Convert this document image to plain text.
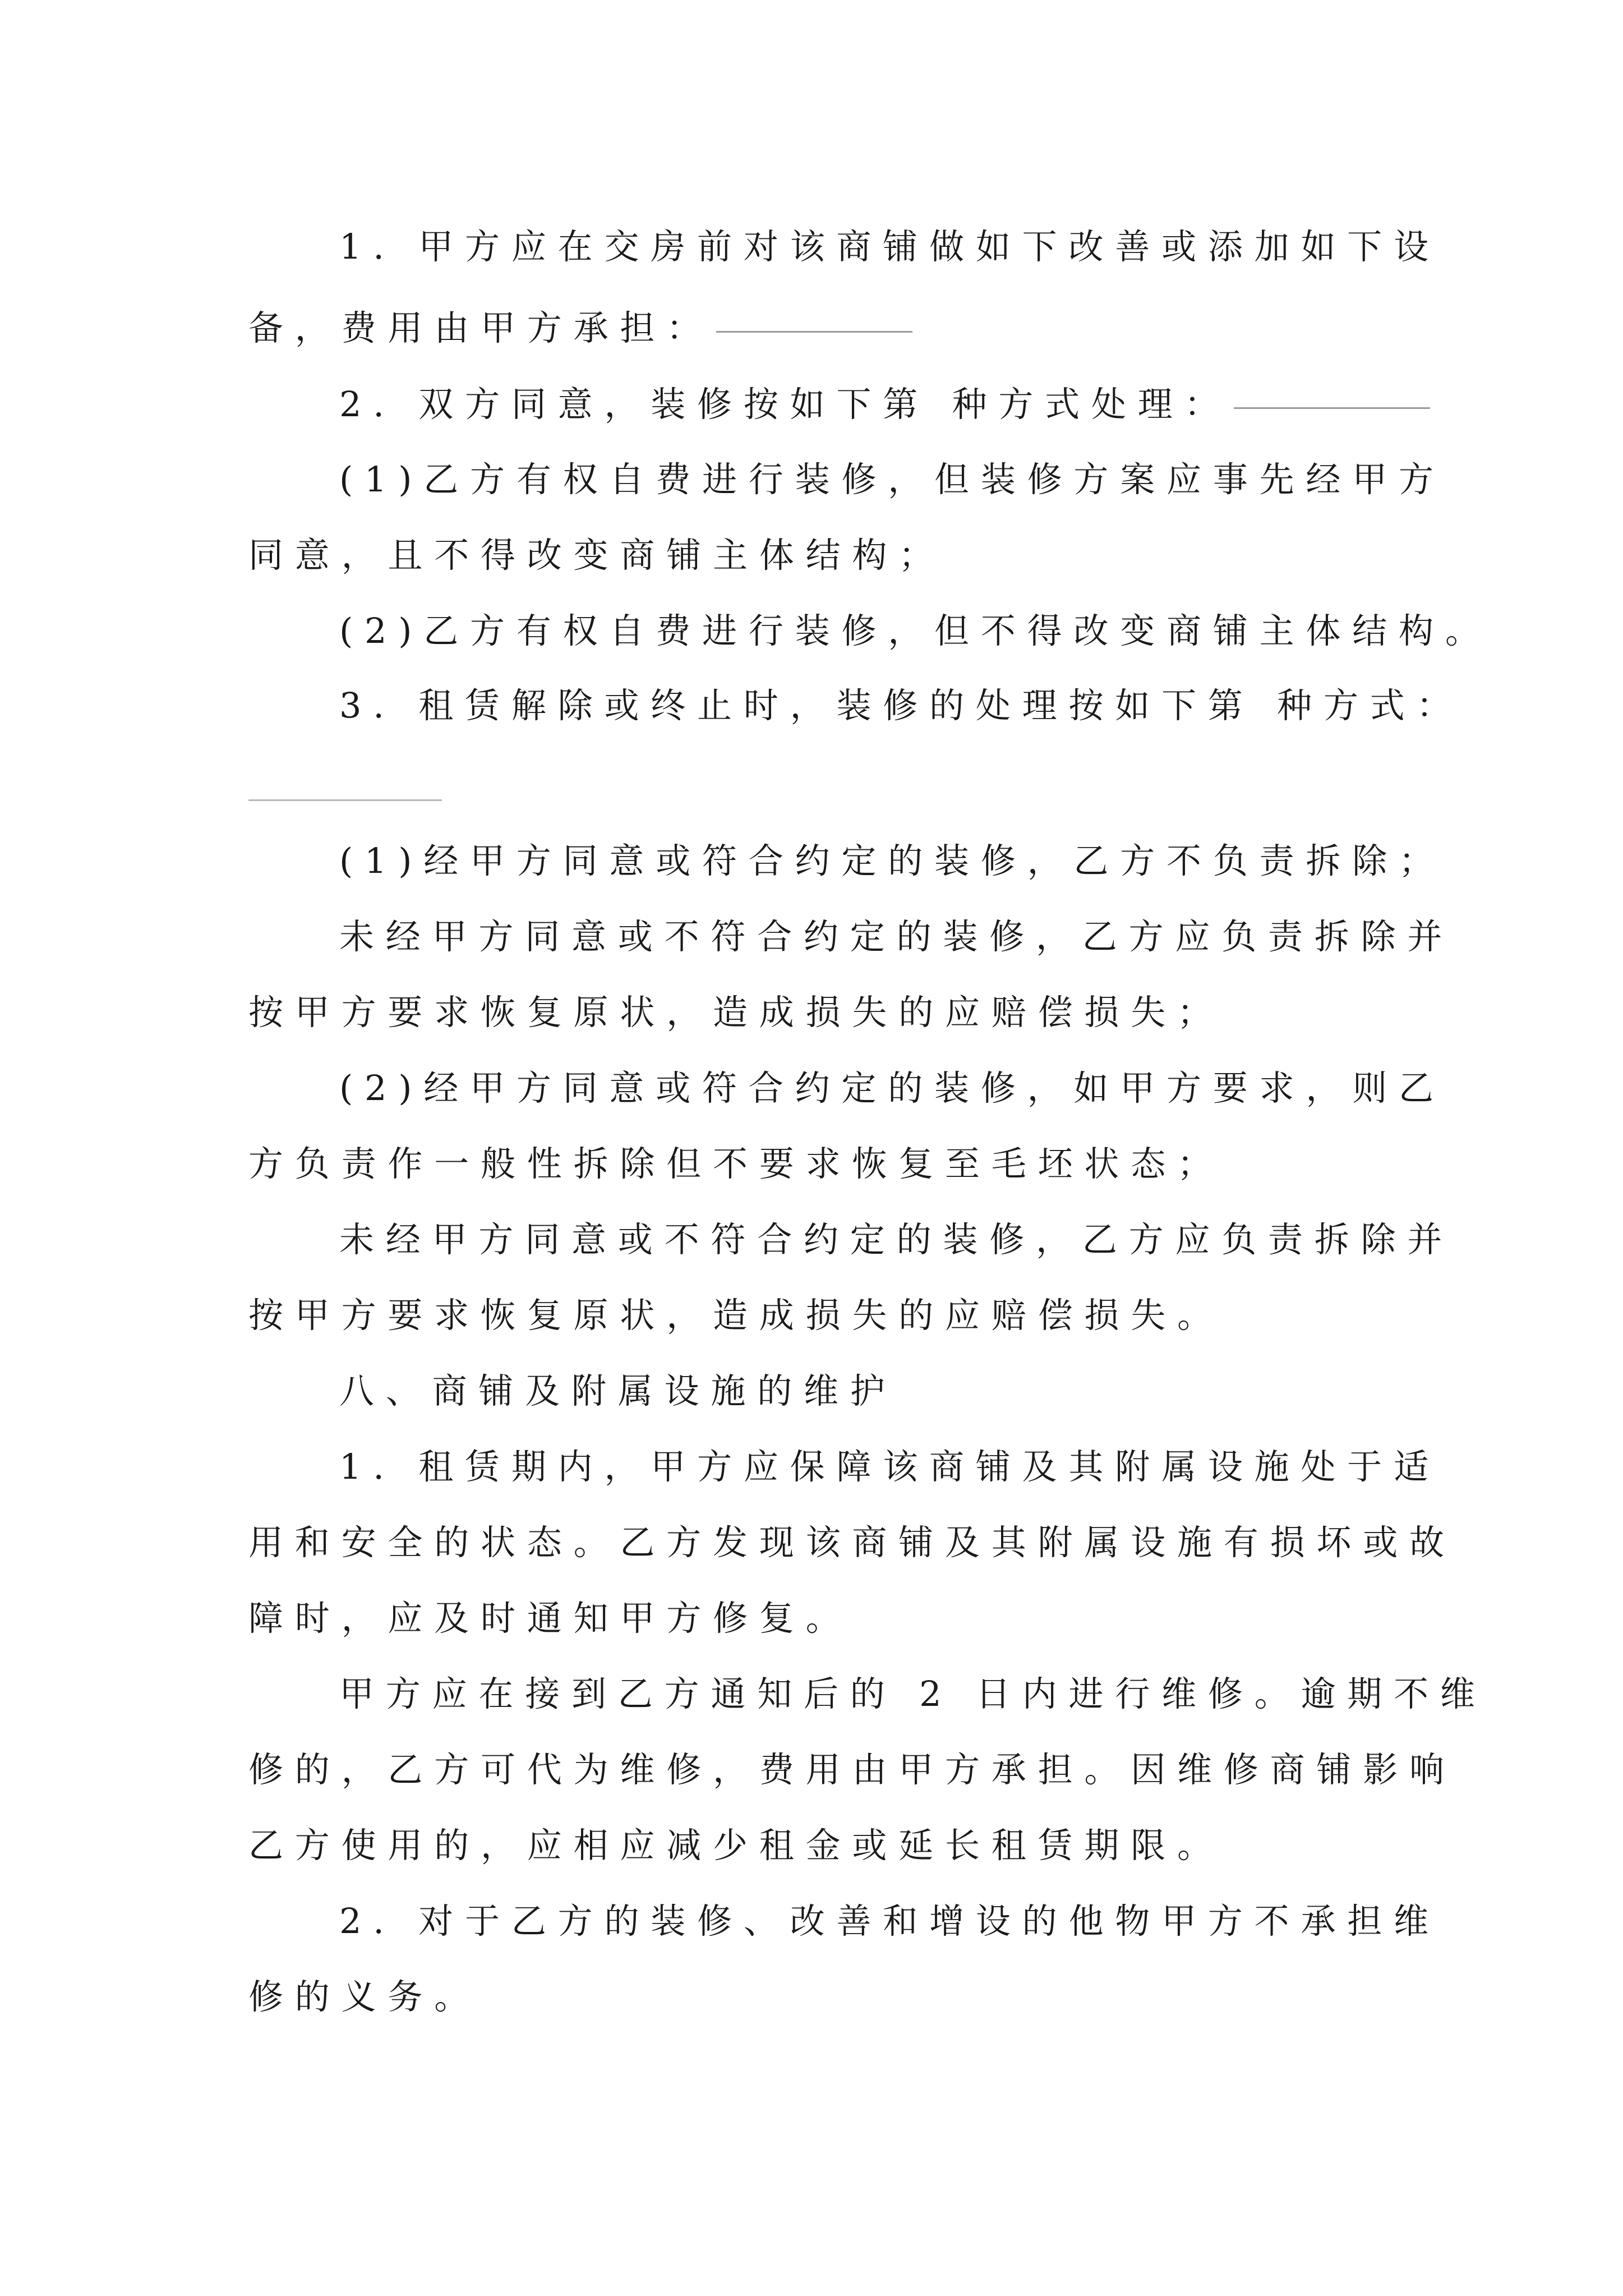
1. 甲方应在交房前对该商铺做如下改善或添加如下设
备，费用由甲方承担：
2. 双方同意，装修按如下第 种方式处理：
(1)乙方有权自费进行装修，但装修方案应事先经甲方
同意，且不得改变商铺主体结构；
(2)乙方有权自费进行装修，但不得改变商铺主体结构。
3. 租赁解除或终止时，装修的处理按如下第 种方式：
(1)经甲方同意或符合约定的装修，乙方不负责拆除；
未经甲方同意或不符合约定的装修，乙方应负责拆除并
按甲方要求恢复原状，造成损失的应赔偿损失；
(2)经甲方同意或符合约定的装修，如甲方要求，则乙
方负责作一般性拆除但不要求恢复至毛坯状态；
未经甲方同意或不符合约定的装修，乙方应负责拆除并
按甲方要求恢复原状，造成损失的应赔偿损失。
八、商铺及附属设施的维护
1. 租赁期内，甲方应保障该商铺及其附属设施处于适
用和安全的状态。乙方发现该商铺及其附属设施有损坏或故
障时，应及时通知甲方修复。
甲方应在接到乙方通知后的 2 日内进行维修。逾期不维
修的，乙方可代为维修，费用由甲方承担。因维修商铺影响
乙方使用的，应相应减少租金或延长租赁期限。
2. 对于乙方的装修、改善和增设的他物甲方不承担维
修的义务。
